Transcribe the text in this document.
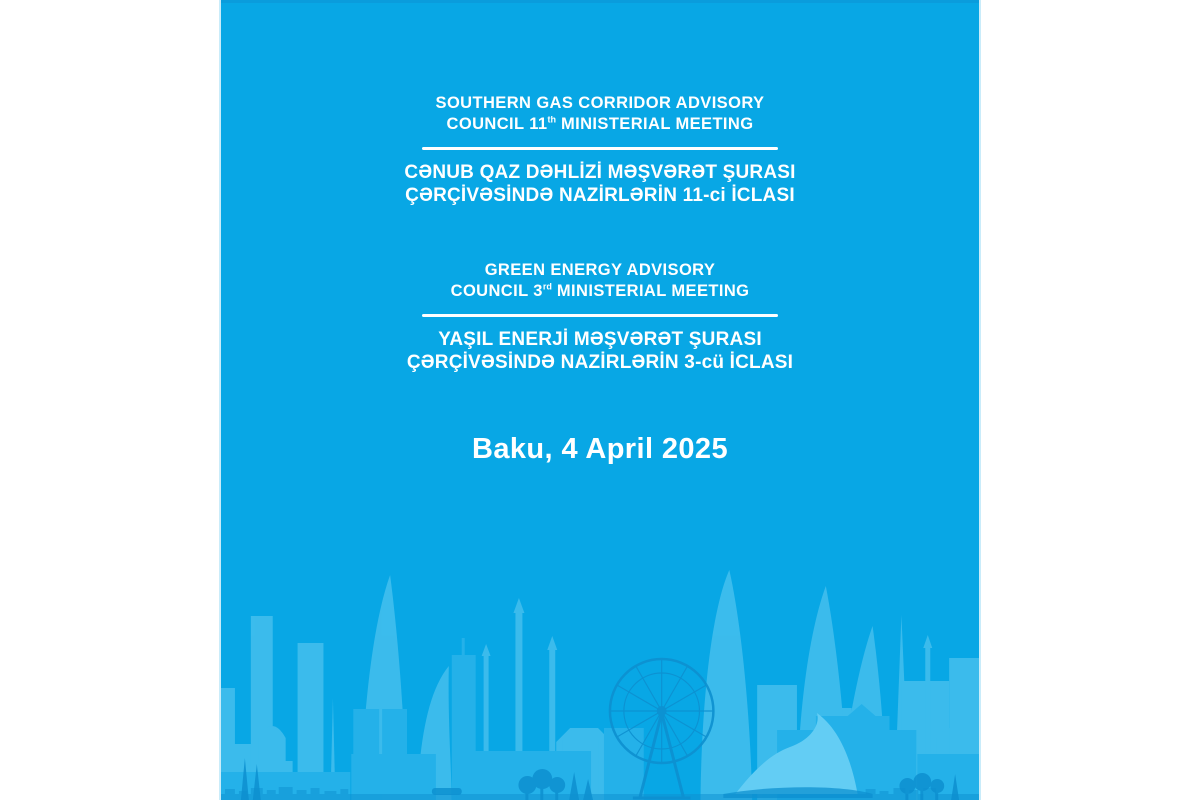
SOUTHERN GAS CORRIDOR ADVISORY
COUNCIL 11th MINISTERIAL MEETING
CƏNUB QAZ DƏHLİZİ MƏŞVƏRƏT ŞURASI
ÇƏRÇİVƏSİNDƏ NAZİRLƏRİN 11-ci İCLASI
GREEN ENERGY ADVISORY
COUNCIL 3rd MINISTERIAL MEETING
YAŞIL ENERJİ MƏŞVƏRƏT ŞURASI
ÇƏRÇİVƏSİNDƏ NAZİRLƏRİN 3-cü İCLASI
Baku, 4 April 2025
